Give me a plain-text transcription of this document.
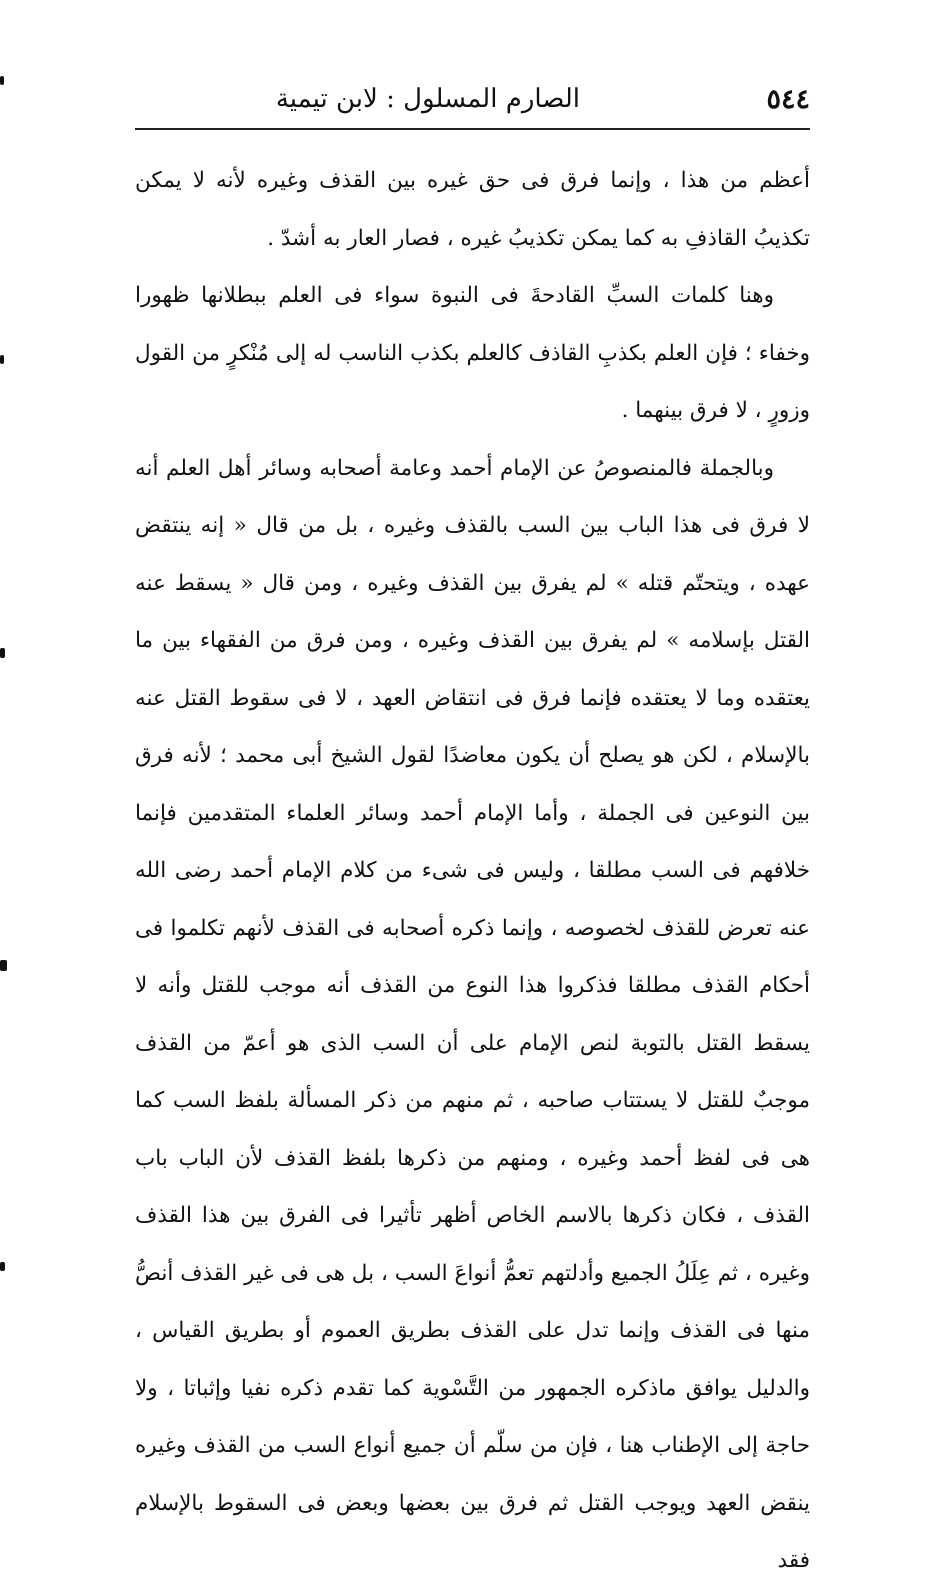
٥٤٤
الصارم المسلول : لابن تيمية

أعظم من هذا ، وإنما فرق فى حق غيره بين القذف وغيره لأنه لا يمكن تكذيبُ القاذفِ به كما يمكن تكذيبُ غيره ، فصار العار به أشدّ .

وهنا كلمات السبِّ القادحةَ فى النبوة سواء فى العلم ببطلانها ظهورا وخفاء ؛ فإن العلم بكذبِ القاذف كالعلم بكذب الناسب له إلى مُنْكرٍ من القول وزورٍ ، لا فرق بينهما .

وبالجملة فالمنصوصُ عن الإمام أحمد وعامة أصحابه وسائر أهل العلم أنه لا فرق فى هذا الباب بين السب بالقذف وغيره ، بل من قال « إنه ينتقض عهده ، ويتحتّم قتله » لم يفرق بين القذف وغيره ، ومن قال « يسقط عنه القتل بإسلامه » لم يفرق بين القذف وغيره ، ومن فرق من الفقهاء بين ما يعتقده وما لا يعتقده فإنما فرق فى انتقاض العهد ، لا فى سقوط القتل عنه بالإسلام ، لكن هو يصلح أن يكون معاضدًا لقول الشيخ أبى محمد ؛ لأنه فرق بين النوعين فى الجملة ، وأما الإمام أحمد وسائر العلماء المتقدمين فإنما خلافهم فى السب مطلقا ، وليس فى شىء من كلام الإمام أحمد رضى الله عنه تعرض للقذف لخصوصه ، وإنما ذكره أصحابه فى القذف لأنهم تكلموا فى أحكام القذف مطلقا فذكروا هذا النوع من القذف أنه موجب للقتل وأنه لا يسقط القتل بالتوبة لنص الإمام على أن السب الذى هو أعمّ من القذف موجبٌ للقتل لا يستتاب صاحبه ، ثم منهم من ذكر المسألة بلفظ السب كما هى فى لفظ أحمد وغيره ، ومنهم من ذكرها بلفظ القذف لأن الباب باب القذف ، فكان ذكرها بالاسم الخاص أظهر تأثيرا فى الفرق بين هذا القذف وغيره ، ثم عِلَلُ الجميع وأدلتهم تعمُّ أنواعَ السب ، بل هى فى غير القذف أنصُّ منها فى القذف وإنما تدل على القذف بطريق العموم أو بطريق القياس ، والدليل يوافق ماذكره الجمهور من التَّسْوية كما تقدم ذكره نفيا وإثباتا ، ولا حاجة إلى الإطناب هنا ، فإن من سلّم أن جميع أنواع السب من القذف وغيره ينقض العهد ويوجب القتل ثم فرق بين بعضها وبعض فى السقوط بالإسلام فقد
